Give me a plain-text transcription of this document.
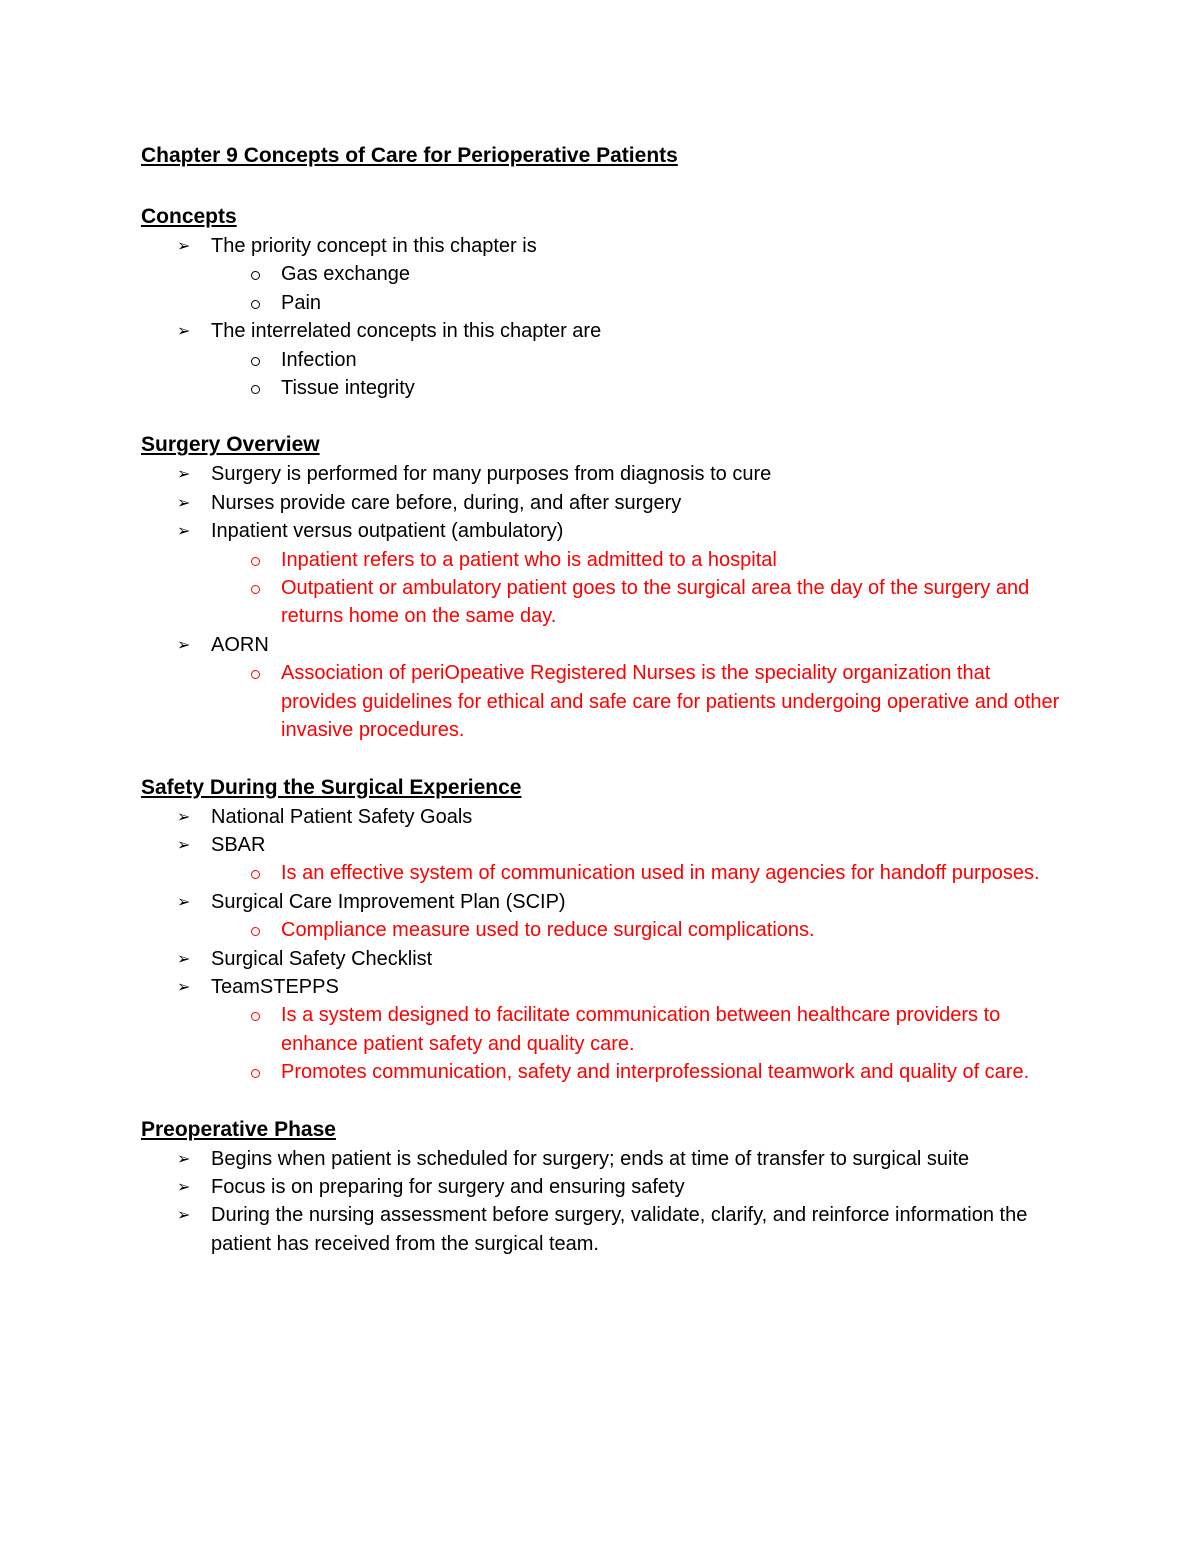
Chapter 9 Concepts of Care for Perioperative Patients
Concepts
➢ The priority concept in this chapter is
Gas exchange
Pain
➢ The interrelated concepts in this chapter are
Infection
Tissue integrity
Surgery Overview
➢ Surgery is performed for many purposes from diagnosis to cure
➢ Nurses provide care before, during, and after surgery
➢ Inpatient versus outpatient (ambulatory)
Inpatient refers to a patient who is admitted to a hospital
Outpatient or ambulatory patient goes to the surgical area the day of the surgery and returns home on the same day.
➢ AORN
Association of periOpeative Registered Nurses is the speciality organization that provides guidelines for ethical and safe care for patients undergoing operative and other invasive procedures.
Safety During the Surgical Experience
➢ National Patient Safety Goals
➢ SBAR
Is an effective system of communication used in many agencies for handoff purposes.
➢ Surgical Care Improvement Plan (SCIP)
Compliance measure used to reduce surgical complications.
➢ Surgical Safety Checklist
➢ TeamSTEPPS
Is a system designed to facilitate communication between healthcare providers to enhance patient safety and quality care.
Promotes communication, safety and interprofessional teamwork and quality of care.
Preoperative Phase
➢ Begins when patient is scheduled for surgery; ends at time of transfer to surgical suite
➢ Focus is on preparing for surgery and ensuring safety
➢ During the nursing assessment before surgery, validate, clarify, and reinforce information the patient has received from the surgical team.
